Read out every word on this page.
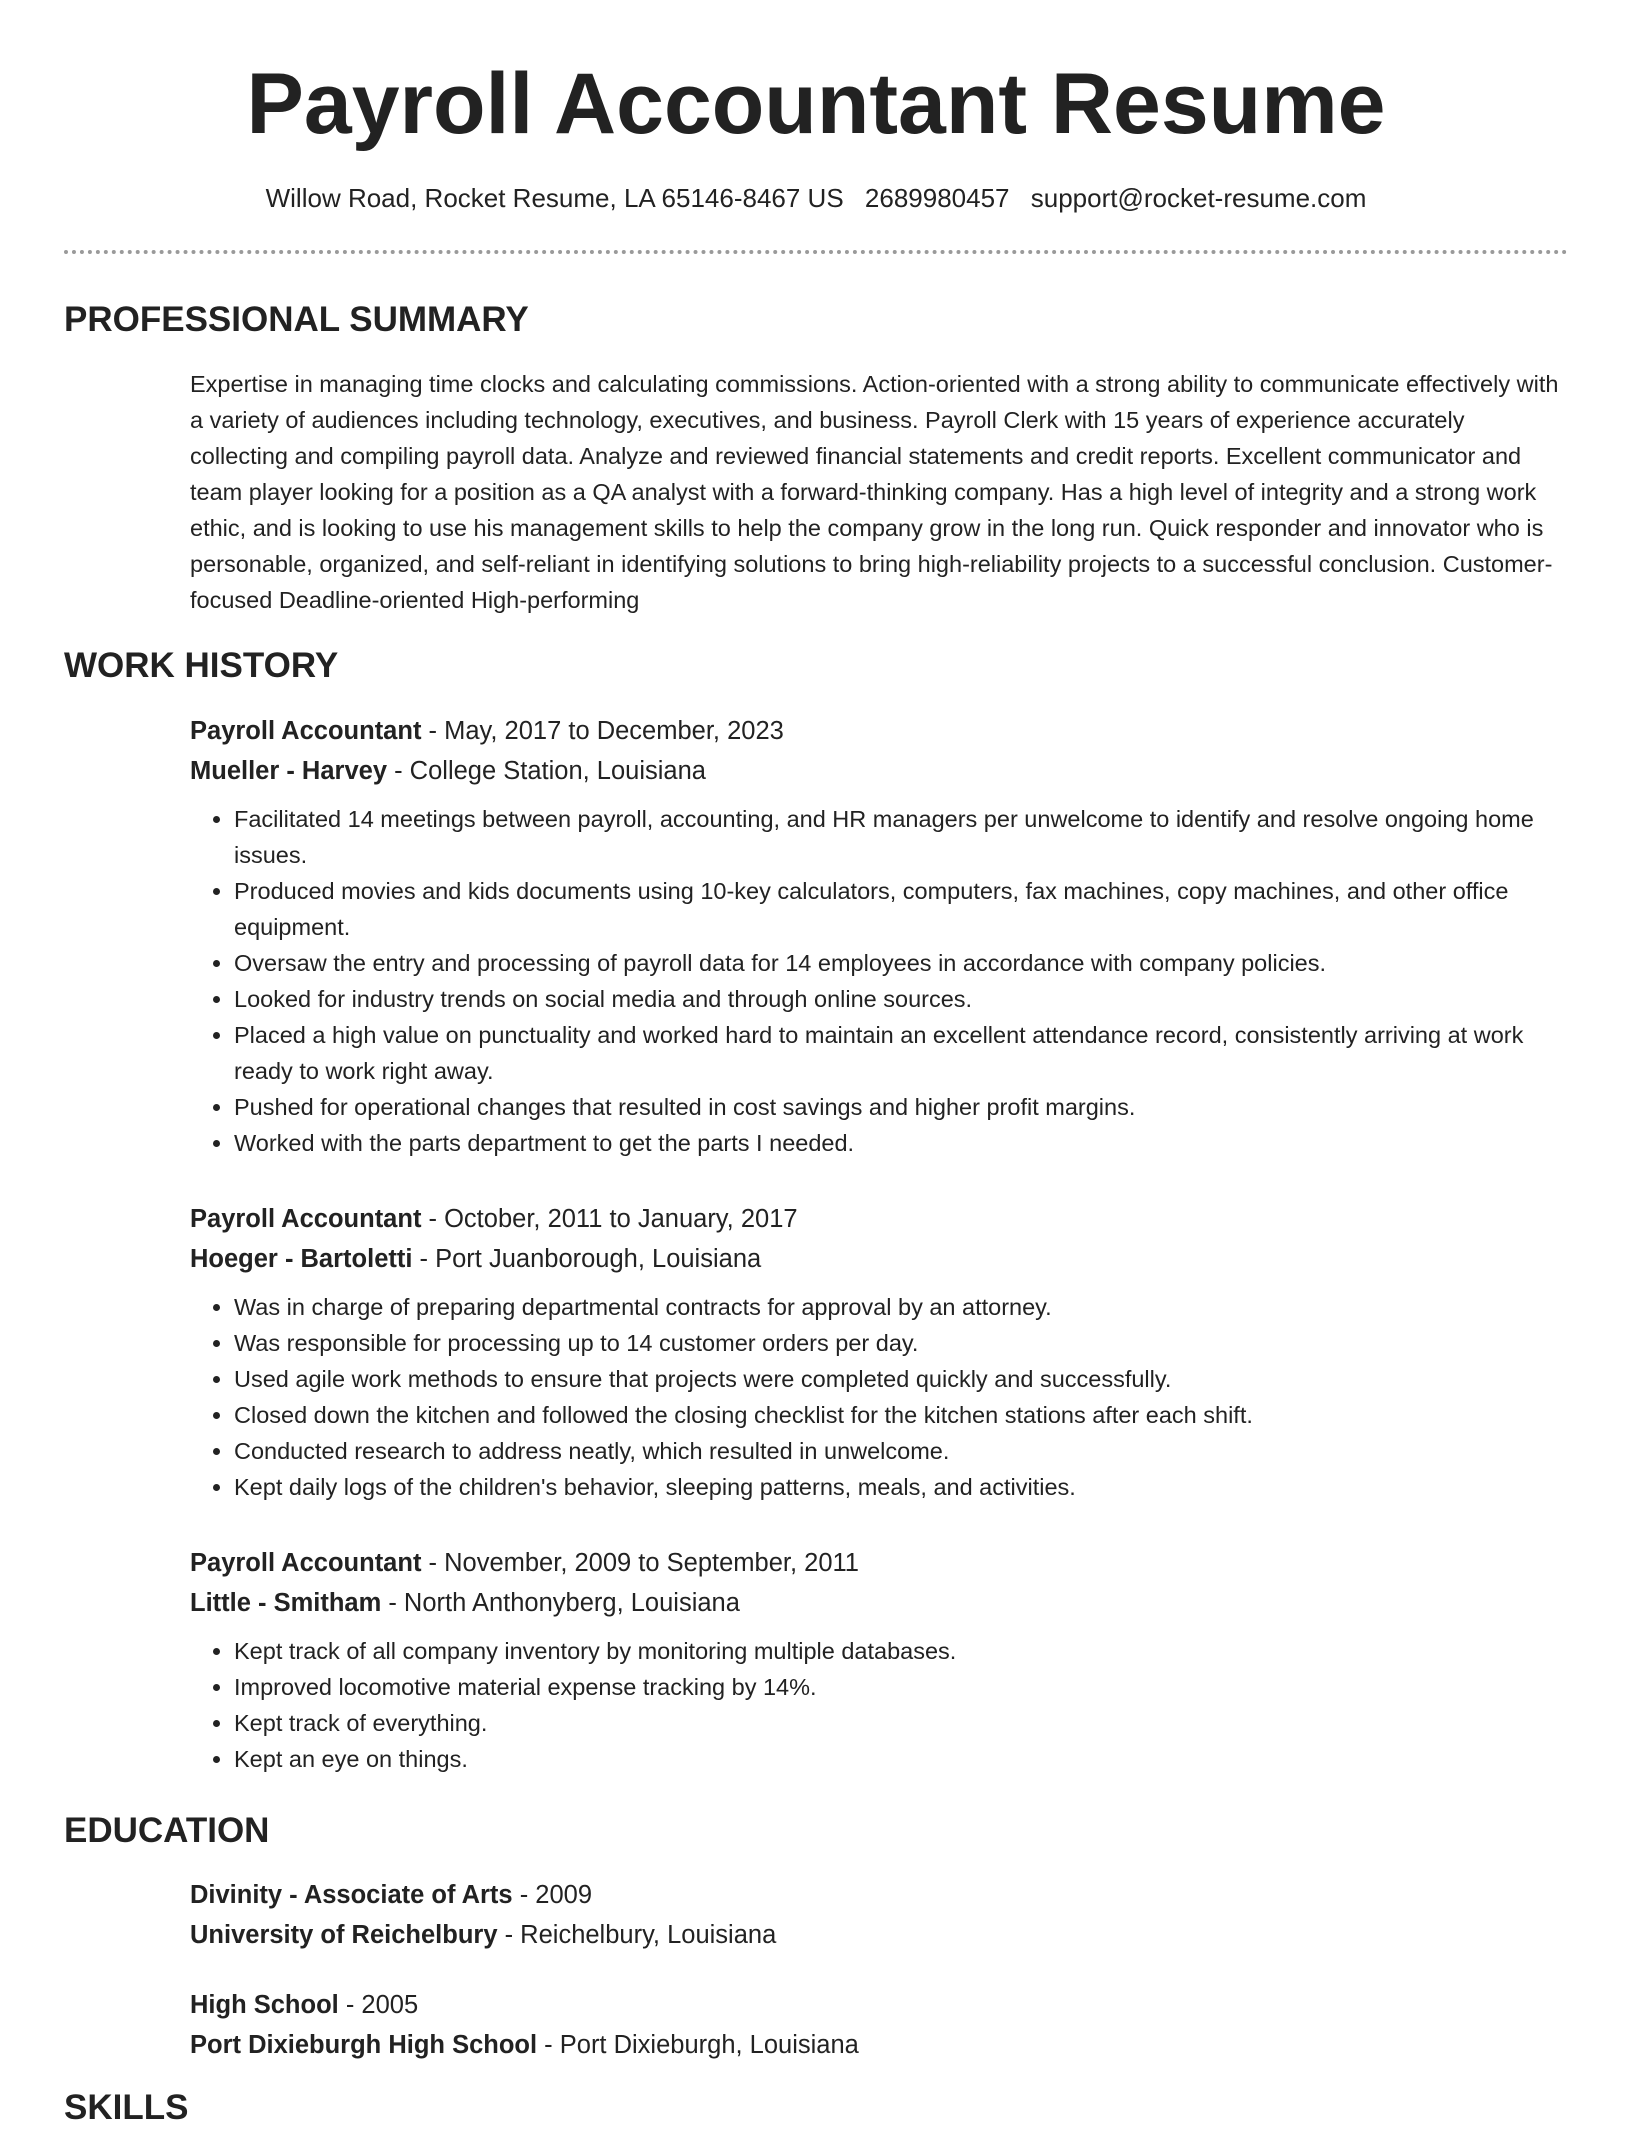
Payroll Accountant Resume
Willow Road, Rocket Resume, LA 65146-8467 US 2689980457 support@rocket-resume.com
PROFESSIONAL SUMMARY

Expertise in managing time clocks and calculating commissions. Action-oriented with a strong ability to communicate effectively with a variety of audiences including technology, executives, and business. Payroll Clerk with 15 years of experience accurately collecting and compiling payroll data. Analyze and reviewed financial statements and credit reports. Excellent communicator and team player looking for a position as a QA analyst with a forward-thinking company. Has a high level of integrity and a strong work ethic, and is looking to use his management skills to help the company grow in the long run. Quick responder and innovator who is personable, organized, and self-reliant in identifying solutions to bring high-reliability projects to a successful conclusion. Customer-focused Deadline-oriented High-performing

WORK HISTORY
Payroll Accountant - May, 2017 to December, 2023
Mueller - Harvey - College Station, Louisiana
• Facilitated 14 meetings between payroll, accounting, and HR managers per unwelcome to identify and resolve ongoing home issues.
• Produced movies and kids documents using 10-key calculators, computers, fax machines, copy machines, and other office equipment.
• Oversaw the entry and processing of payroll data for 14 employees in accordance with company policies.
• Looked for industry trends on social media and through online sources.
• Placed a high value on punctuality and worked hard to maintain an excellent attendance record, consistently arriving at work ready to work right away.
• Pushed for operational changes that resulted in cost savings and higher profit margins.
• Worked with the parts department to get the parts I needed.
Payroll Accountant - October, 2011 to January, 2017
Hoeger - Bartoletti - Port Juanborough, Louisiana
• Was in charge of preparing departmental contracts for approval by an attorney.
• Was responsible for processing up to 14 customer orders per day.
• Used agile work methods to ensure that projects were completed quickly and successfully.
• Closed down the kitchen and followed the closing checklist for the kitchen stations after each shift.
• Conducted research to address neatly, which resulted in unwelcome.
• Kept daily logs of the children's behavior, sleeping patterns, meals, and activities.
Payroll Accountant - November, 2009 to September, 2011
Little - Smitham - North Anthonyberg, Louisiana
• Kept track of all company inventory by monitoring multiple databases.
• Improved locomotive material expense tracking by 14%.
• Kept track of everything.
• Kept an eye on things.
EDUCATION
Divinity - Associate of Arts - 2009
University of Reichelbury - Reichelbury, Louisiana
High School - 2005
Port Dixieburgh High School - Port Dixieburgh, Louisiana
SKILLS
